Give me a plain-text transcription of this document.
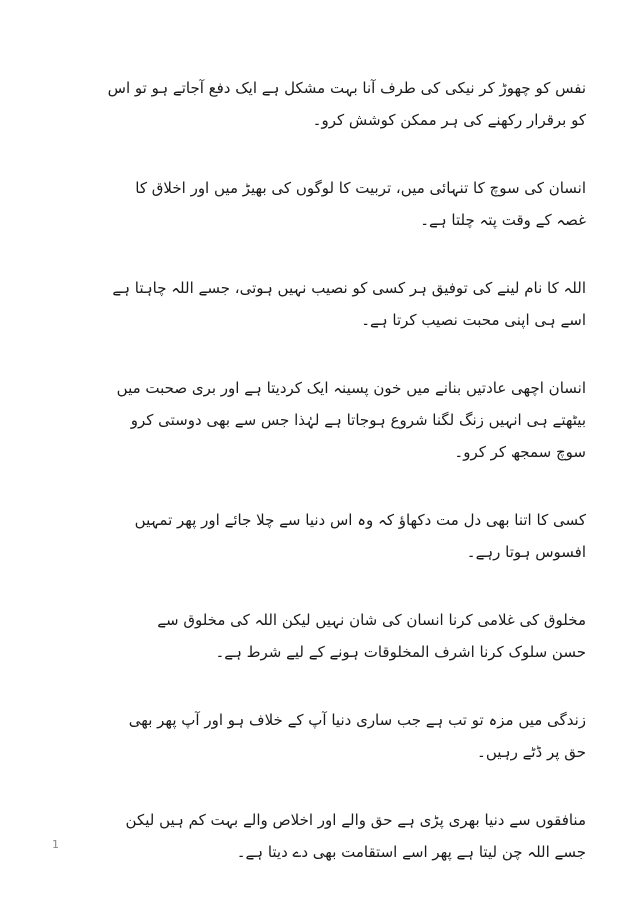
نفس کو چھوڑ کر نیکی کی طرف آنا بہت مشکل ہے ایک دفع آجاتے ہو تو اس
کو برقرار رکھنے کی ہر ممکن کوشش کرو۔
انسان کی سوچ کا تنہائی میں، تربیت کا لوگوں کی بھیڑ میں اور اخلاق کا
غصہ کے وقت پتہ چلتا ہے۔
اللہ کا نام لینے کی توفیق ہر کسی کو نصیب نہیں ہوتی، جسے اللہ چاہتا ہے
اسے ہی اپنی محبت نصیب کرتا ہے۔
انسان اچھی عادتیں بنانے میں خون پسینہ ایک کردیتا ہے اور بری صحبت میں
بیٹھتے ہی انہیں زنگ لگنا شروع ہوجاتا ہے لہٰذا جس سے بھی دوستی کرو
سوچ سمجھ کر کرو۔
کسی کا اتنا بھی دل مت دکھاؤ کہ وہ اس دنیا سے چلا جائے اور پھر تمہیں
افسوس ہوتا رہے۔
مخلوق کی غلامی کرنا انسان کی شان نہیں لیکن اللہ کی مخلوق سے
حسن سلوک کرنا اشرف المخلوقات ہونے کے لیے شرط ہے۔
زندگی میں مزہ تو تب ہے جب ساری دنیا آپ کے خلاف ہو اور آپ پھر بھی
حق پر ڈٹے رہیں۔
منافقوں سے دنیا بھری پڑی ہے حق والے اور اخلاص والے بہت کم ہیں لیکن
جسے اللہ چن لیتا ہے پھر اسے استقامت بھی دے دیتا ہے۔
1
